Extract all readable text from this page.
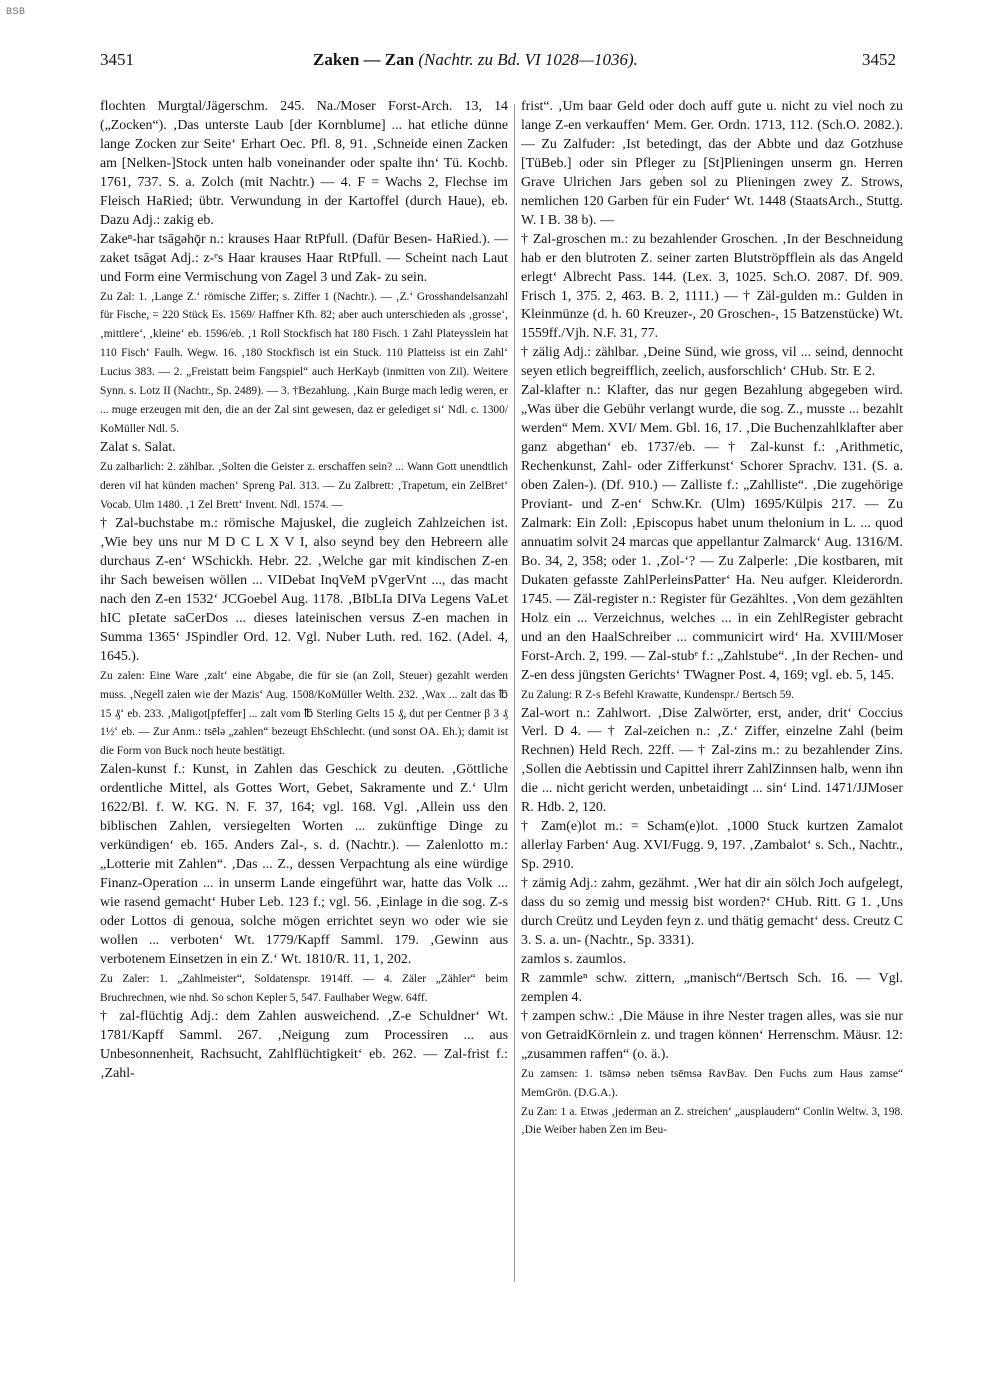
BSB
3451	Zaken — Zan (Nachtr. zu Bd. VI 1028—1036).	3452

flochten Murgtal/Jägerschm. 245. Na./Moser Forst-Arch. 13, 14 („Zocken“). ‚Das unterste Laub [der Kornblume] ... hat etliche dünne lange Zocken zur Seite‘ Erhart Oec. Pfl. 8, 91. ‚Schneide einen Zacken am [Nelken-]Stock unten halb voneinander oder spalte ihn‘ Tü. Kochb. 1761, 737. S. a. Zolch (mit Nachtr.) — 4. F = Wachs 2, Flechse im Fleisch HaRied; übtr. Verwundung in der Kartoffel (durch Haue), eb. Dazu Adj.: zakig eb.

Zakeⁿ-har tsāgəhǭr n.: krauses Haar RtPfull. (Dafür Besen- HaRied.). — zaket tsāgət Adj.: z-ᵉs Haar krauses Haar RtPfull. — Scheint nach Laut und Form eine Vermischung von Zagel 3 und Zak- zu sein.

Zu Zal: 1. ‚Lange Z.‘ römische Ziffer; s. Ziffer 1 (Nachtr.). — ‚Z.‘ Grosshandelsanzahl für Fische, = 220 Stück Es. 1569/ Haffner Kfh. 82; aber auch unterschieden als ‚grosse‘, ‚mittlere‘, ‚kleine‘ eb. 1596/eb. ‚1 Roll Stockfisch hat 180 Fisch. 1 Zahl Plateysslein hat 110 Fisch‘ Faulh. Wegw. 16. ‚180 Stockfisch ist ein Stuck. 110 Platteiss ist ein Zahl‘ Lucius 383. — 2. „Freistatt beim Fangspiel“ auch HerKayb (inmitten von Zil). Weitere Synn. s. Lotz II (Nachtr., Sp. 2489). — 3. †Bezahlung. ‚Kain Burge mach ledig weren, er ... muge erzeugen mit den, die an der Zal sint gewesen, daz er gelediget si‘ Ndl. c. 1300/ KoMüller Ndl. 5.

Zalat s. Salat.

Zu zalbarlich: 2. zählbar. ‚Solten die Geister z. erschaffen sein? ... Wann Gott unendtlich deren vil hat künden machen‘ Spreng Pal. 313. — Zu Zalbrett: ‚Trapetum, ein ZelBret‘ Vocab. Ulm 1480. ‚1 Zel Brett‘ Invent. Ndl. 1574. —

† Zal-buchstabe m.: römische Majuskel, die zugleich Zahlzeichen ist. ‚Wie bey uns nur M D C L X V I, also seynd bey den Hebreern alle durchaus Z-en‘ WSchickh. Hebr. 22. ‚Welche gar mit kindischen Z-en ihr Sach beweisen wöllen ... VIDebat InqVeM pVgerVnt ..., das macht nach den Z-en 1532‘ JCGoebel Aug. 1178. ‚BIbLIa DIVa Legens VaLet hIC pIetate saCerDos ... dieses lateinischen versus Z-en machen in Summa 1365‘ JSpindler Ord. 12. Vgl. Nuber Luth. red. 162. (Adel. 4, 1645.).

Zu zalen: Eine Ware ‚zalt‘ eine Abgabe, die für sie (an Zoll, Steuer) gezahlt werden muss. ‚Negell zalen wie der Mazis‘ Aug. 1508/KoMüller Welth. 232. ‚Wax ... zalt das ℔ 15 ₰‘ eb. 233. ‚Maligot[pfeffer] ... zalt vom ℔ Sterling Gelts 15 ₰, dut per Centner β 3 ₰ 1½‘ eb. — Zur Anm.: tsēlə „zahlen“ bezeugt EhSchlecht. (und sonst OA. Eh.); damit ist die Form von Buck noch heute bestätigt.

Zalen-kunst f.: Kunst, in Zahlen das Geschick zu deuten. ‚Göttliche ordentliche Mittel, als Gottes Wort, Gebet, Sakramente und Z.‘ Ulm 1622/Bl. f. W. KG. N. F. 37, 164; vgl. 168. Vgl. ‚Allein uss den biblischen Zahlen, versiegelten Worten ... zukünftige Dinge zu verkündigen‘ eb. 165. Anders Zal-, s. d. (Nachtr.). — Zalenlotto m.: „Lotterie mit Zahlen“. ‚Das ... Z., dessen Verpachtung als eine würdige Finanz-Operation ... in unserm Lande eingeführt war, hatte das Volk ... wie rasend gemacht‘ Huber Leb. 123 f.; vgl. 56. ‚Einlage in die sog. Z-s oder Lottos di genoua, solche mögen errichtet seyn wo oder wie sie wollen ... verboten‘ Wt. 1779/Kapff Samml. 179. ‚Gewinn aus verbotenem Einsetzen in ein Z.‘ Wt. 1810/R. 11, 1, 202.

Zu Zaler: 1. „Zahlmeister“, Soldatenspr. 1914ff. — 4. Zäler „Zähler“ beim Bruchrechnen, wie nhd. So schon Kepler 5, 547. Faulhaber Wegw. 64ff.

† zal-flüchtig Adj.: dem Zahlen ausweichend. ‚Z-e Schuldner‘ Wt. 1781/Kapff Samml. 267. ‚Neigung zum Processiren ... aus Unbesonnenheit, Rachsucht, Zahlflüchtigkeit‘ eb. 262. — Zal-frist f.: ‚Zahl-

frist“. ‚Um baar Geld oder doch auff gute u. nicht zu viel noch zu lange Z-en verkauffen‘ Mem. Ger. Ordn. 1713, 112. (Sch.O. 2082.). — Zu Zalfuder: ‚Ist betedingt, das der Abbte und daz Gotzhuse [TüBeb.] oder sin Pfleger zu [St]Plieningen unserm gn. Herren Grave Ulrichen Jars geben sol zu Plieningen zwey Z. Strows, nemlichen 120 Garben für ein Fuder‘ Wt. 1448 (StaatsArch., Stuttg. W. I B. 38 b). —

† Zal-groschen m.: zu bezahlender Groschen. ‚In der Beschneidung hab er den blutroten Z. seiner zarten Blutströpfflein als das Angeld erlegt‘ Albrecht Pass. 144. (Lex. 3, 1025. Sch.O. 2087. Df. 909. Frisch 1, 375. 2, 463. B. 2, 1111.) — † Zäl-gulden m.: Gulden in Kleinmünze (d. h. 60 Kreuzer-, 20 Groschen-, 15 Batzenstücke) Wt. 1559ff./Vjh. N.F. 31, 77.

† zälig Adj.: zählbar. ‚Deine Sünd, wie gross, vil ... seind, dennocht seyen etlich begreifflich, zeelich, ausforschlich‘ CHub. Str. E 2.

Zal-klafter n.: Klafter, das nur gegen Bezahlung abgegeben wird. „Was über die Gebühr verlangt wurde, die sog. Z., musste ... bezahlt werden“ Mem. XVI/ Mem. Gbl. 16, 17. ‚Die Buchenzahlklafter aber ganz abgethan‘ eb. 1737/eb. — † Zal-kunst f.: ‚Arithmetic, Rechenkunst, Zahl- oder Zifferkunst‘ Schorer Sprachv. 131. (S. a. oben Zalen-). (Df. 910.) — Zalliste f.: „Zahlliste“. ‚Die zugehörige Proviant- und Z-en‘ Schw.Kr. (Ulm) 1695/Külpis 217. — Zu Zalmark: Ein Zoll: ‚Episcopus habet unum thelonium in L. ... quod annuatim solvit 24 marcas que appellantur Zalmarck‘ Aug. 1316/M. Bo. 34, 2, 358; oder 1. ‚Zol-‘? — Zu Zalperle: ‚Die kostbaren, mit Dukaten gefasste ZahlPerleinsPatter‘ Ha. Neu aufger. Kleiderordn. 1745. — Zäl-register n.: Register für Gezähltes. ‚Von dem gezählten Holz ein ... Verzeichnus, welches ... in ein ZehlRegister gebracht und an den HaalSchreiber ... communicirt wird‘ Ha. XVIII/Moser Forst-Arch. 2, 199. — Zal-stubᵉ f.: „Zahlstube“. ‚In der Rechen- und Z-en dess jüngsten Gerichts‘ TWagner Post. 4, 169; vgl. eb. 5, 145.

Zu Zalung: R Z-s Befehl Krawatte, Kundenspr./ Bertsch 59.

Zal-wort n.: Zahlwort. ‚Dise Zalwörter, erst, ander, drit‘ Coccius Verl. D 4. — † Zal-zeichen n.: ‚Z.‘ Ziffer, einzelne Zahl (beim Rechnen) Held Rech. 22ff. — † Zal-zins m.: zu bezahlender Zins. ‚Sollen die Aebtissin und Capittel ihrerr ZahlZinnsen halb, wenn ihn die ... nicht gericht werden, unbetaidingt ... sin‘ Lind. 1471/JJMoser R. Hdb. 2, 120.

† Zam(e)lot m.: = Scham(e)lot. ‚1000 Stuck kurtzen Zamalot allerlay Farben‘ Aug. XVI/Fugg. 9, 197. ‚Zambalot‘ s. Sch., Nachtr., Sp. 2910.

† zämig Adj.: zahm, gezähmt. ‚Wer hat dir ain sölch Joch aufgelegt, dass du so zemig und messig bist worden?‘ CHub. Ritt. G 1. ‚Uns durch Creütz und Leyden feyn z. und thätig gemacht‘ dess. Creutz C 3. S. a. un- (Nachtr., Sp. 3331).

zamlos s. zaumlos.

R zammleⁿ schw. zittern, „manisch“/Bertsch Sch. 16. — Vgl. zemplen 4.

† zampen schw.: ‚Die Mäuse in ihre Nester tragen alles, was sie nur von GetraidKörnlein z. und tragen können‘ Herrenschm. Mäusr. 12: „zusammen raffen“ (o. ä.).

Zu zamsen: 1. tsāmsə neben tsēmsə RavBav. Den Fuchs zum Haus zamse“ MemGrön. (D.G.A.).

Zu Zan: 1 a. Etwas ‚jederman an Z. streichen‘ „ausplaudern“ Conlin Weltw. 3, 198. ‚Die Weiber haben Zen im Beu-
